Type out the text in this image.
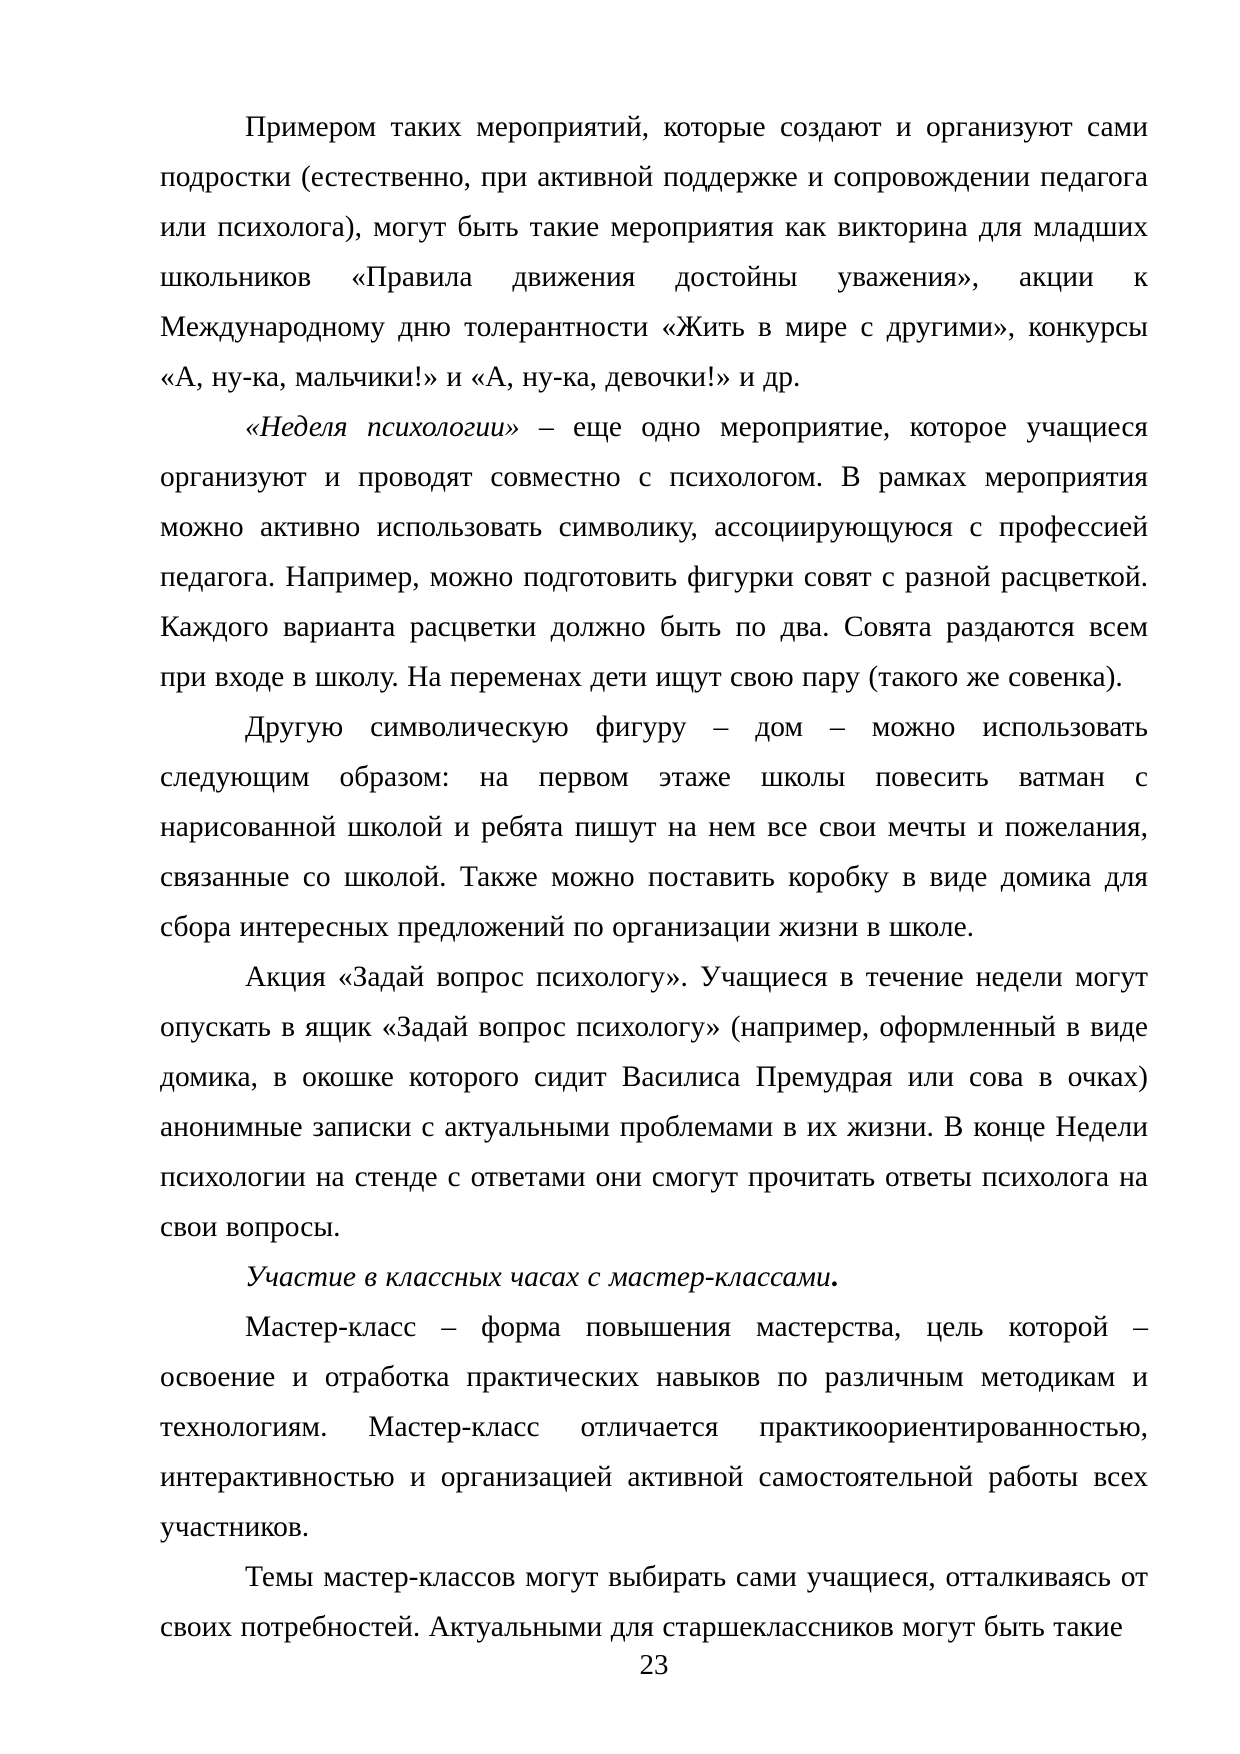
Примером таких мероприятий, которые создают и организуют сами подростки (естественно, при активной поддержке и сопровождении педагога или психолога), могут быть такие мероприятия как викторина для младших школьников «Правила движения достойны уважения», акции к Международному дню толерантности «Жить в мире с другими», конкурсы «А, ну-ка, мальчики!» и «А, ну-ка, девочки!» и др.

«Неделя психологии» – еще одно мероприятие, которое учащиеся организуют и проводят совместно с психологом. В рамках мероприятия можно активно использовать символику, ассоциирующуюся с профессией педагога. Например, можно подготовить фигурки совят с разной расцветкой. Каждого варианта расцветки должно быть по два. Совята раздаются всем при входе в школу. На переменах дети ищут свою пару (такого же совенка).

Другую символическую фигуру – дом – можно использовать следующим образом: на первом этаже школы повесить ватман с нарисованной школой и ребята пишут на нем все свои мечты и пожелания, связанные со школой. Также можно поставить коробку в виде домика для сбора интересных предложений по организации жизни в школе.

Акция «Задай вопрос психологу». Учащиеся в течение недели могут опускать в ящик «Задай вопрос психологу» (например, оформленный в виде домика, в окошке которого сидит Василиса Премудрая или сова в очках) анонимные записки с актуальными проблемами в их жизни. В конце Недели психологии на стенде с ответами они смогут прочитать ответы психолога на свои вопросы.

Участие в классных часах с мастер-классами.

Мастер-класс – форма повышения мастерства, цель которой – освоение и отработка практических навыков по различным методикам и технологиям. Мастер-класс отличается практикоориентированностью, интерактивностью и организацией активной самостоятельной работы всех участников.

Темы мастер-классов могут выбирать сами учащиеся, отталкиваясь от своих потребностей. Актуальными для старшеклассников могут быть такие

23
